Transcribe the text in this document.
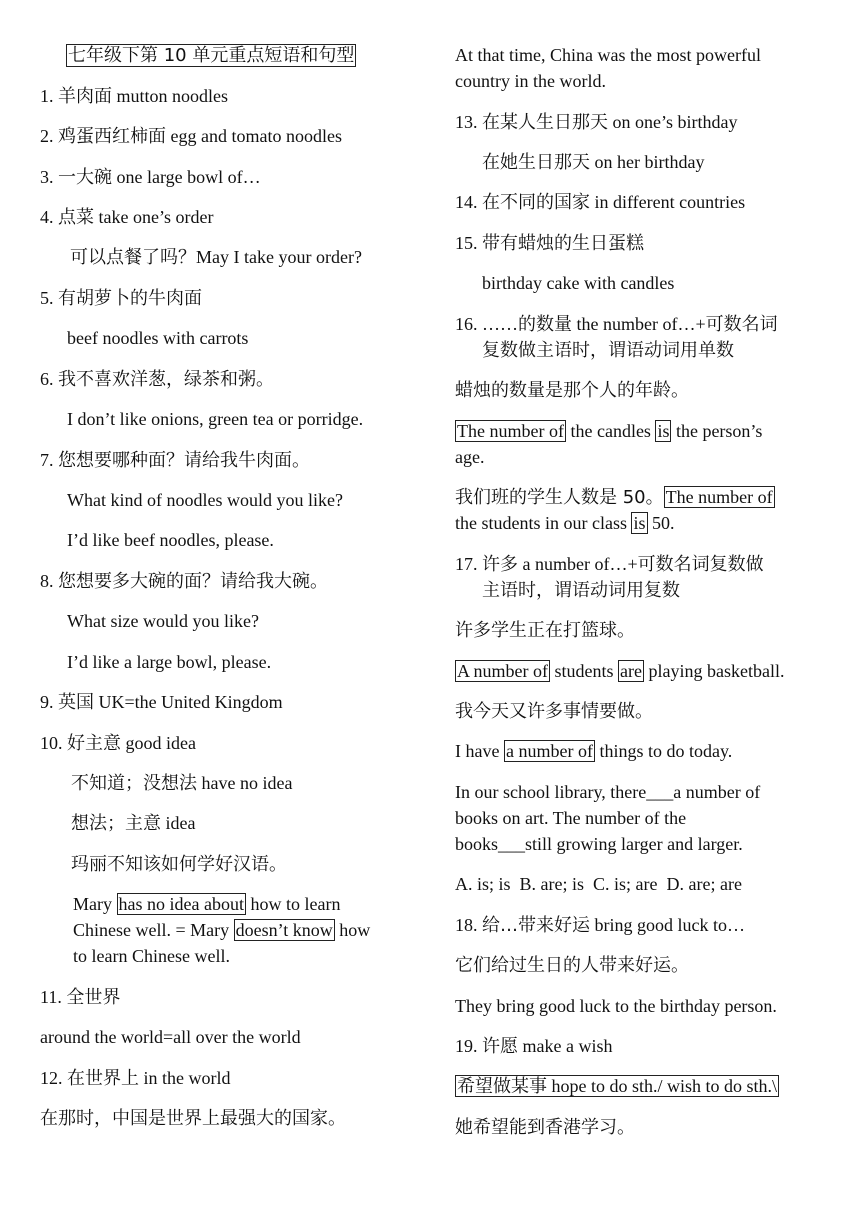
七年级下第 10 单元重点短语和句型
1. 羊肉面 mutton noodles
2. 鸡蛋西红柿面 egg and tomato noodles
3. 一大碗 one large bowl of…
4. 点菜 take one’s order
可以点餐了吗？May I take your order?
5. 有胡萝卜的牛肉面
beef noodles with carrots
6. 我不喜欢洋葱，绿茶和粥。
I don’t like onions, green tea or porridge.
7. 您想要哪种面？请给我牛肉面。
What kind of noodles would you like?
I’d like beef noodles, please.
8. 您想要多大碗的面？请给我大碗。
What size would you like?
I’d like a large bowl, please.
9. 英国 UK=the United Kingdom
10. 好主意 good idea
不知道；没想法 have no idea
想法；主意 idea
玛丽不知该如何学好汉语。
Mary has no idea about how to learn
Chinese well. = Mary doesn’t know how
to learn Chinese well.
11. 全世界
around the world=all over the world
12. 在世界上 in the world
在那时，中国是世界上最强大的国家。
At that time, China was the most powerful
country in the world.
13. 在某人生日那天 on one’s birthday
在她生日那天 on her birthday
14. 在不同的国家 in different countries
15. 带有蜡烛的生日蛋糕
birthday cake with candles
16. ……的数量 the number of…+可数名词
复数做主语时，谓语动词用单数
蜡烛的数量是那个人的年龄。
The number of the candles is the person’s
age.
我们班的学生人数是 50。 The number of
the students in our class is 50.
17. 许多 a number of…+可数名词复数做
主语时，谓语动词用复数
许多学生正在打篮球。
A number of students are playing basketball.
我今天又许多事情要做。
I have a number of things to do today.
In our school library, there___a number of
books on art. The number of the
books___still growing larger and larger.
A. is; is  B. are; is  C. is; are  D. are; are
18. 给…带来好运 bring good luck to…
它们给过生日的人带来好运。
They bring good luck to the birthday person.
19. 许愿 make a wish
希望做某事 hope to do sth./ wish to do sth.\
她希望能到香港学习。
